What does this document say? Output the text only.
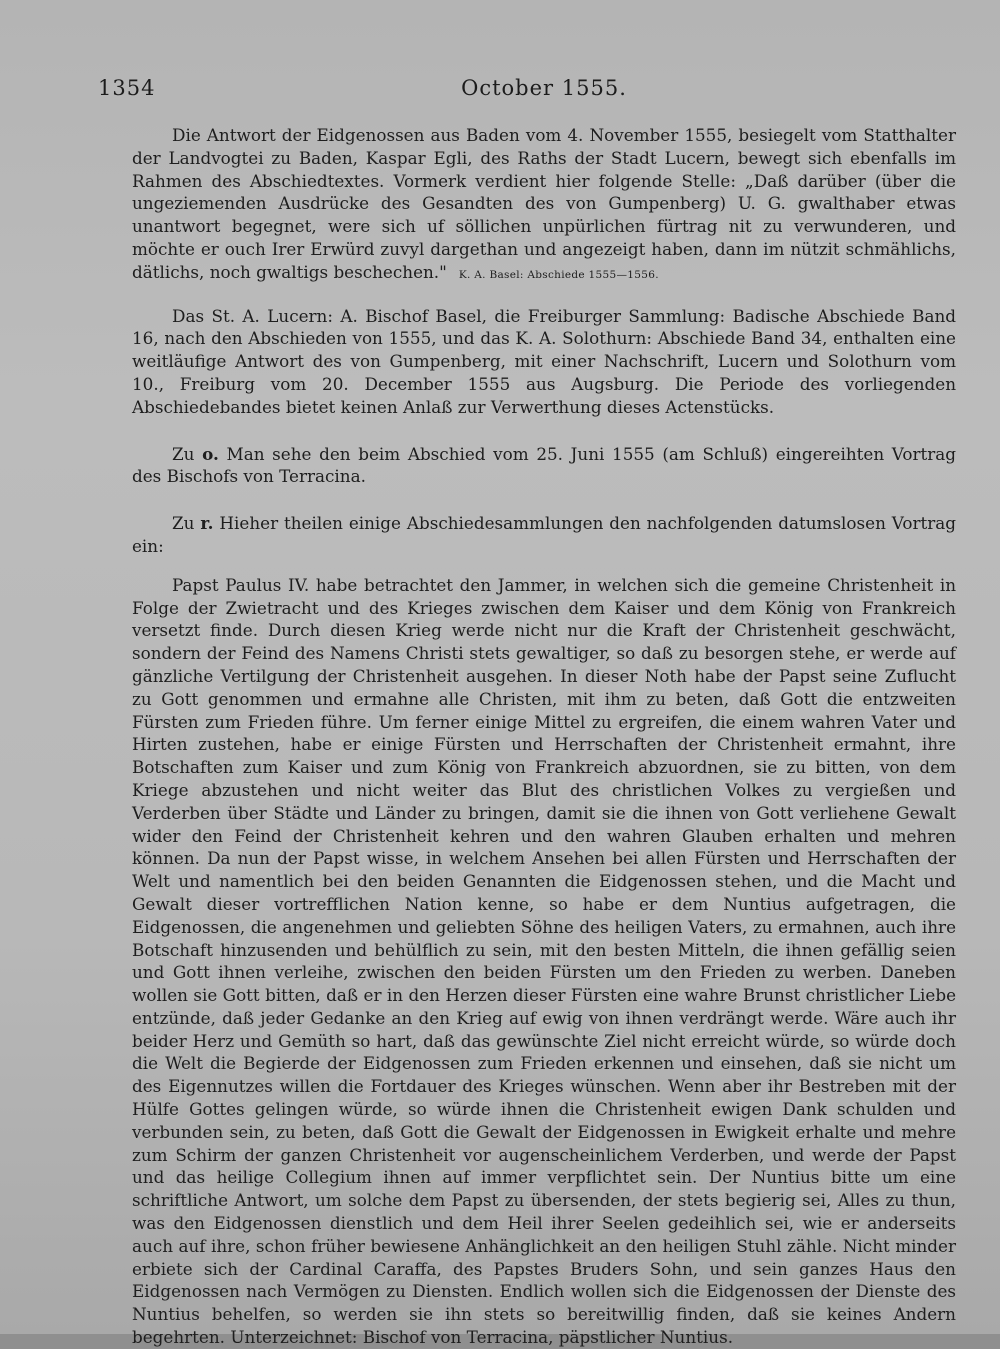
1354	October 1555.

Die Antwort der Eidgenossen aus Baden vom 4. November 1555, besiegelt vom Statthalter der Landvogtei zu Baden, Kaspar Egli, des Raths der Stadt Lucern, bewegt sich ebenfalls im Rahmen des Abschiedtextes. Vormerk verdient hier folgende Stelle: „Daß darüber (über die ungeziemenden Ausdrücke des Gesandten des von Gumpenberg) U. G. gwalthaber etwas unantwort begegnet, were sich uf söllichen unpürlichen fürtrag nit zu verwunderen, und möchte er ouch Irer Erwürd zuvyl dargethan und angezeigt haben, dann im nützit schmählichs, dätlichs, noch gwaltigs beschechen." K. A. Basel: Abschiede 1555—1556.

Das St. A. Lucern: A. Bischof Basel, die Freiburger Sammlung: Badische Abschiede Band 16, nach den Abschieden von 1555, und das K. A. Solothurn: Abschiede Band 34, enthalten eine weitläufige Antwort des von Gumpenberg, mit einer Nachschrift, Lucern und Solothurn vom 10., Freiburg vom 20. December 1555 aus Augsburg. Die Periode des vorliegenden Abschiedebandes bietet keinen Anlaß zur Verwerthung dieses Actenstücks.

Zu o. Man sehe den beim Abschied vom 25. Juni 1555 (am Schluß) eingereihten Vortrag des Bischofs von Terracina.

Zu r. Hieher theilen einige Abschiedesammlungen den nachfolgenden datumslosen Vortrag ein:

Papst Paulus IV. habe betrachtet den Jammer, in welchen sich die gemeine Christenheit in Folge der Zwietracht und des Krieges zwischen dem Kaiser und dem König von Frankreich versetzt finde. Durch diesen Krieg werde nicht nur die Kraft der Christenheit geschwächt, sondern der Feind des Namens Christi stets gewaltiger, so daß zu besorgen stehe, er werde auf gänzliche Vertilgung der Christenheit ausgehen. In dieser Noth habe der Papst seine Zuflucht zu Gott genommen und ermahne alle Christen, mit ihm zu beten, daß Gott die entzweiten Fürsten zum Frieden führe. Um ferner einige Mittel zu ergreifen, die einem wahren Vater und Hirten zustehen, habe er einige Fürsten und Herrschaften der Christenheit ermahnt, ihre Botschaften zum Kaiser und zum König von Frankreich abzuordnen, sie zu bitten, von dem Kriege abzustehen und nicht weiter das Blut des christlichen Volkes zu vergießen und Verderben über Städte und Länder zu bringen, damit sie die ihnen von Gott verliehene Gewalt wider den Feind der Christenheit kehren und den wahren Glauben erhalten und mehren können. Da nun der Papst wisse, in welchem Ansehen bei allen Fürsten und Herrschaften der Welt und namentlich bei den beiden Genannten die Eidgenossen stehen, und die Macht und Gewalt dieser vortrefflichen Nation kenne, so habe er dem Nuntius aufgetragen, die Eidgenossen, die angenehmen und geliebten Söhne des heiligen Vaters, zu ermahnen, auch ihre Botschaft hinzusenden und behülflich zu sein, mit den besten Mitteln, die ihnen gefällig seien und Gott ihnen verleihe, zwischen den beiden Fürsten um den Frieden zu werben. Daneben wollen sie Gott bitten, daß er in den Herzen dieser Fürsten eine wahre Brunst christlicher Liebe entzünde, daß jeder Gedanke an den Krieg auf ewig von ihnen verdrängt werde. Wäre auch ihr beider Herz und Gemüth so hart, daß das gewünschte Ziel nicht erreicht würde, so würde doch die Welt die Begierde der Eidgenossen zum Frieden erkennen und einsehen, daß sie nicht um des Eigennutzes willen die Fortdauer des Krieges wünschen. Wenn aber ihr Bestreben mit der Hülfe Gottes gelingen würde, so würde ihnen die Christenheit ewigen Dank schulden und verbunden sein, zu beten, daß Gott die Gewalt der Eidgenossen in Ewigkeit erhalte und mehre zum Schirm der ganzen Christenheit vor augenscheinlichem Verderben, und werde der Papst und das heilige Collegium ihnen auf immer verpflichtet sein. Der Nuntius bitte um eine schriftliche Antwort, um solche dem Papst zu übersenden, der stets begierig sei, Alles zu thun, was den Eidgenossen dienstlich und dem Heil ihrer Seelen gedeihlich sei, wie er anderseits auch auf ihre, schon früher bewiesene Anhänglichkeit an den heiligen Stuhl zähle. Nicht minder erbiete sich der Cardinal Caraffa, des Papstes Bruders Sohn, und sein ganzes Haus den Eidgenossen nach Vermögen zu Diensten. Endlich wollen sich die Eidgenossen der Dienste des Nuntius behelfen, so werden sie ihn stets so bereitwillig finden, daß sie keines Andern begehrten. Unterzeichnet: Bischof von Terracina, päpstlicher Nuntius.
